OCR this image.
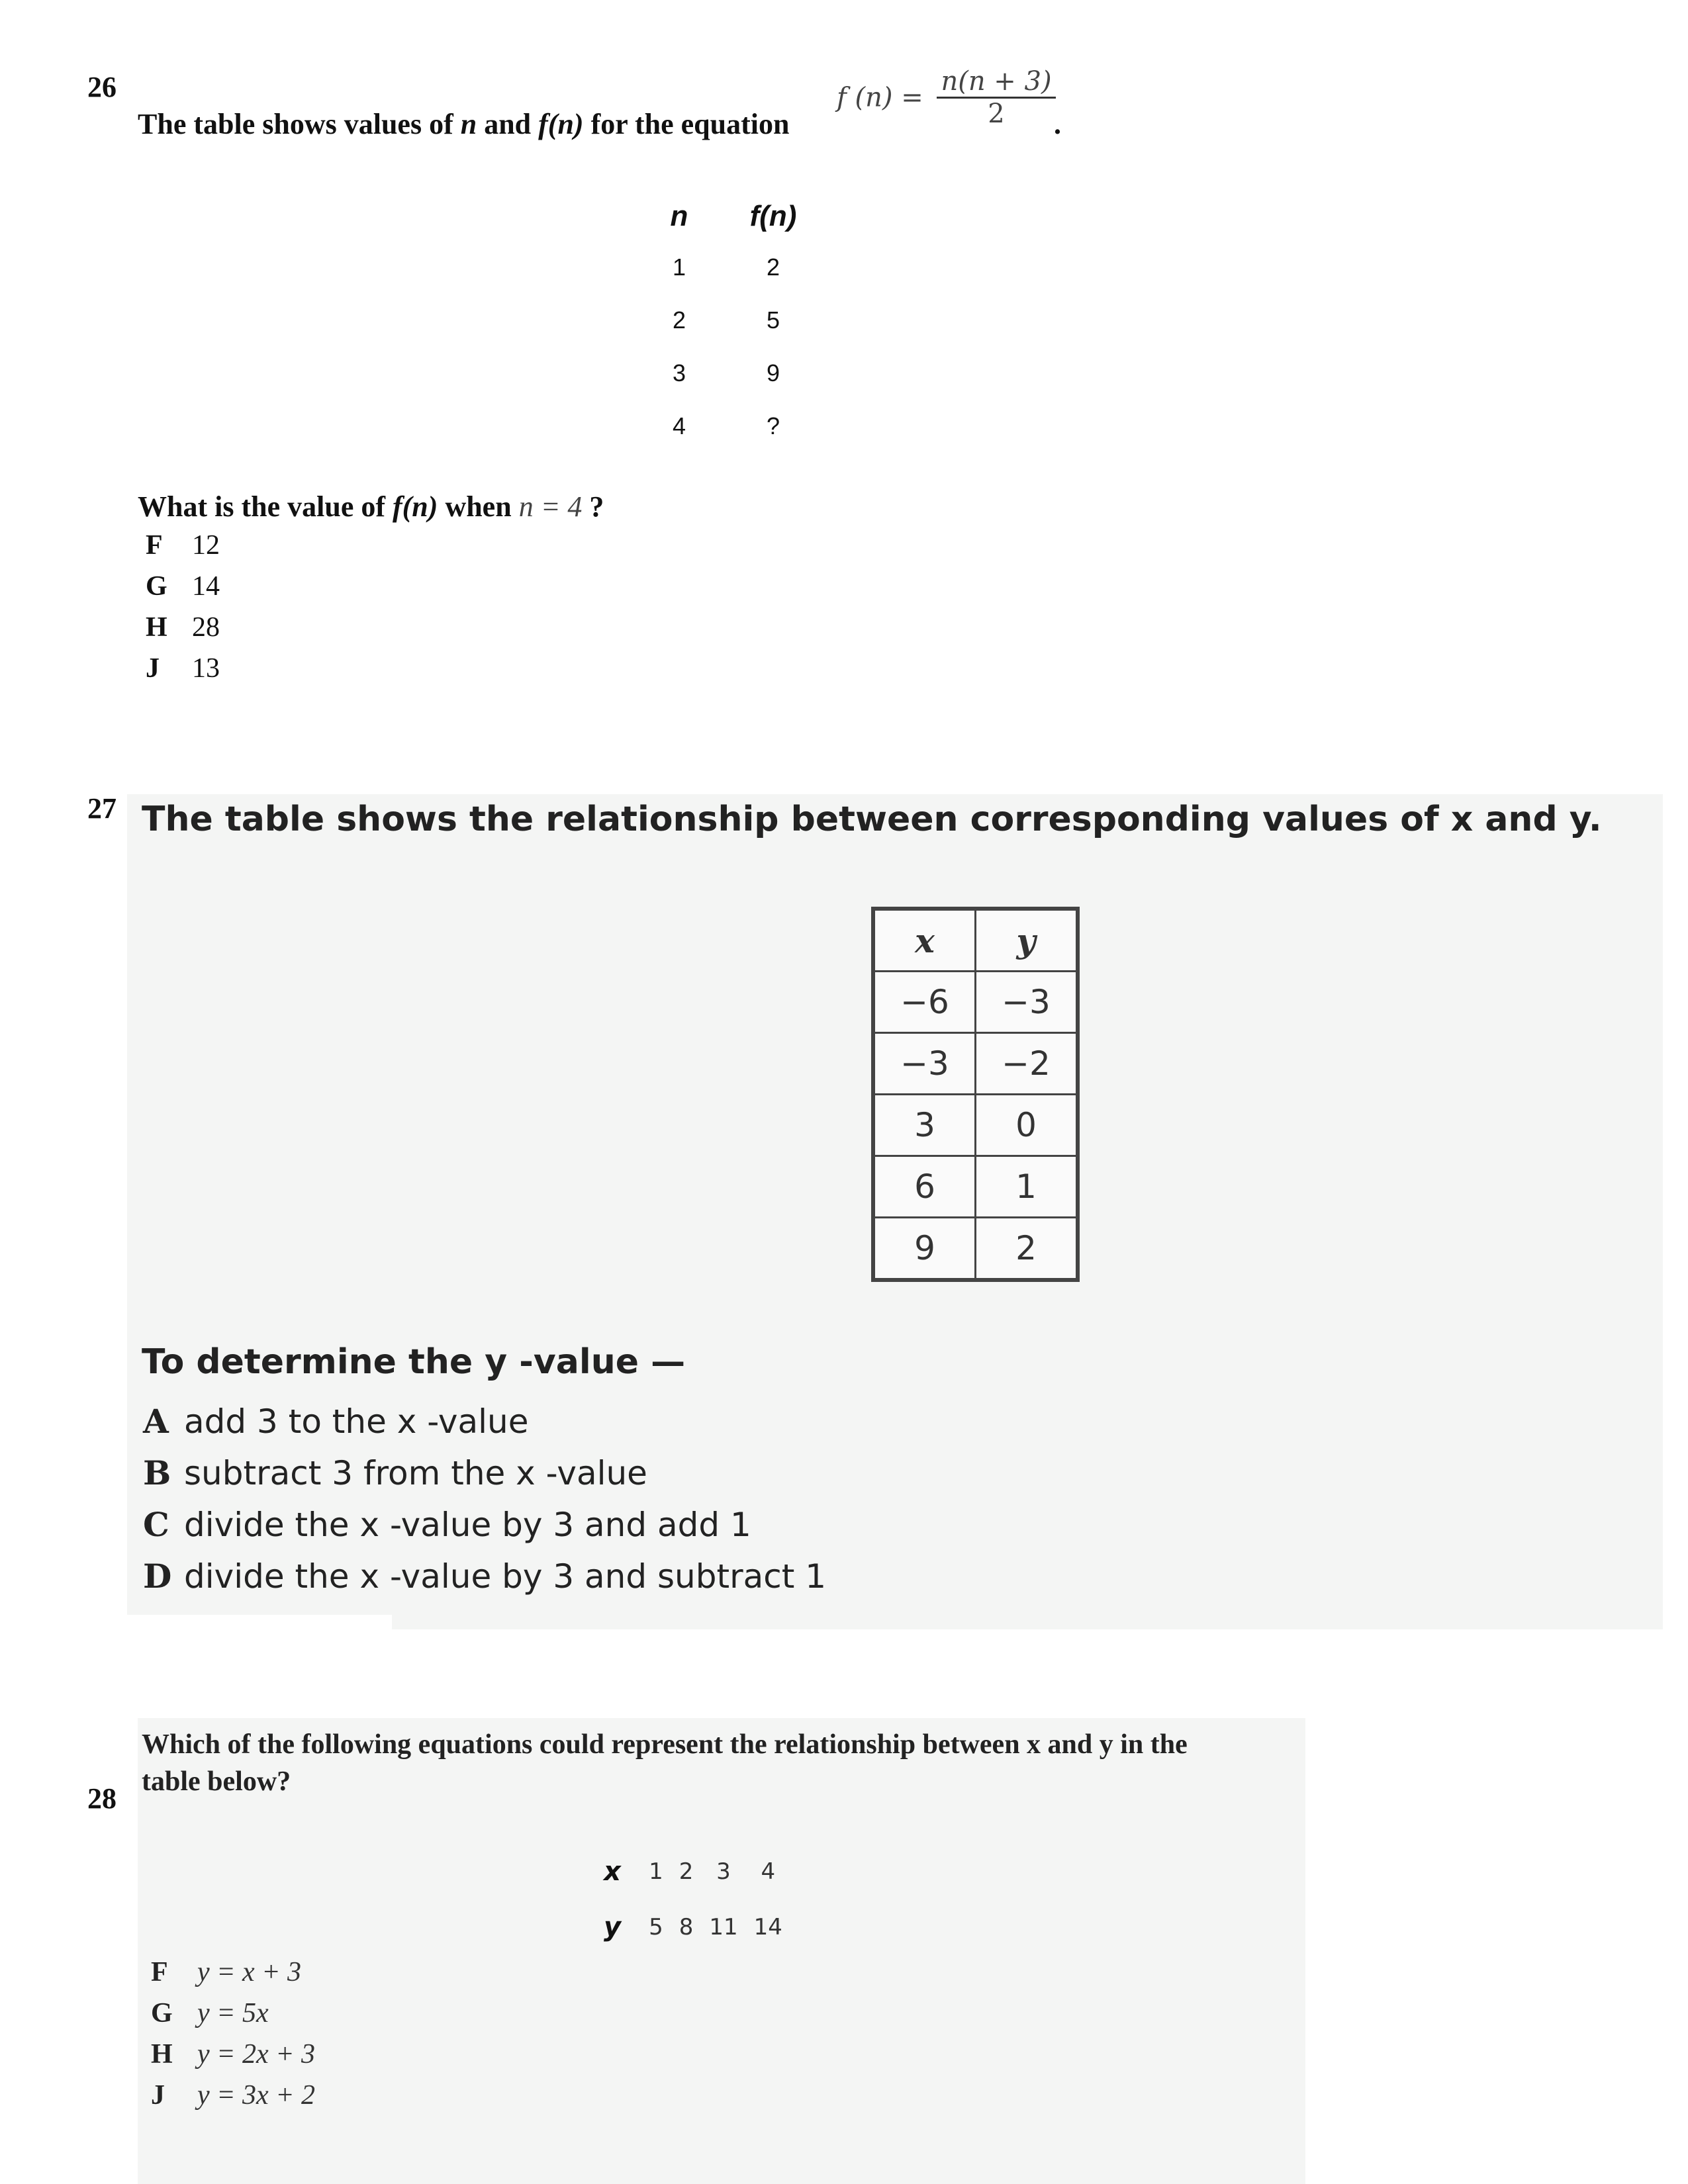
26
The table shows values of n and f(n) for the equation
f $(n) = \frac{n(n + 3)}{2}$
.
n	f(n)
1	2
2	5
3	9
4	?
What is the value of f(n) when n = 4 ?
F 12
G 14
H 28
J 13
27 The table shows the relationship between corresponding values of x and y.
x	y
−6	−3
−3	−2
3	0
6	1
9	2
To determine the y -value —
A add 3 to the x -value
B subtract 3 from the x -value
C divide the x -value by 3 and add 1
D divide the x -value by 3 and subtract 1
28
Which of the following equations could represent the relationship between x and y in the
table below?
x	1	2	3	4
y	5	8	11	14
F y = x + 3
G y = 5x
H y = 2x + 3
J y = 3x + 2
